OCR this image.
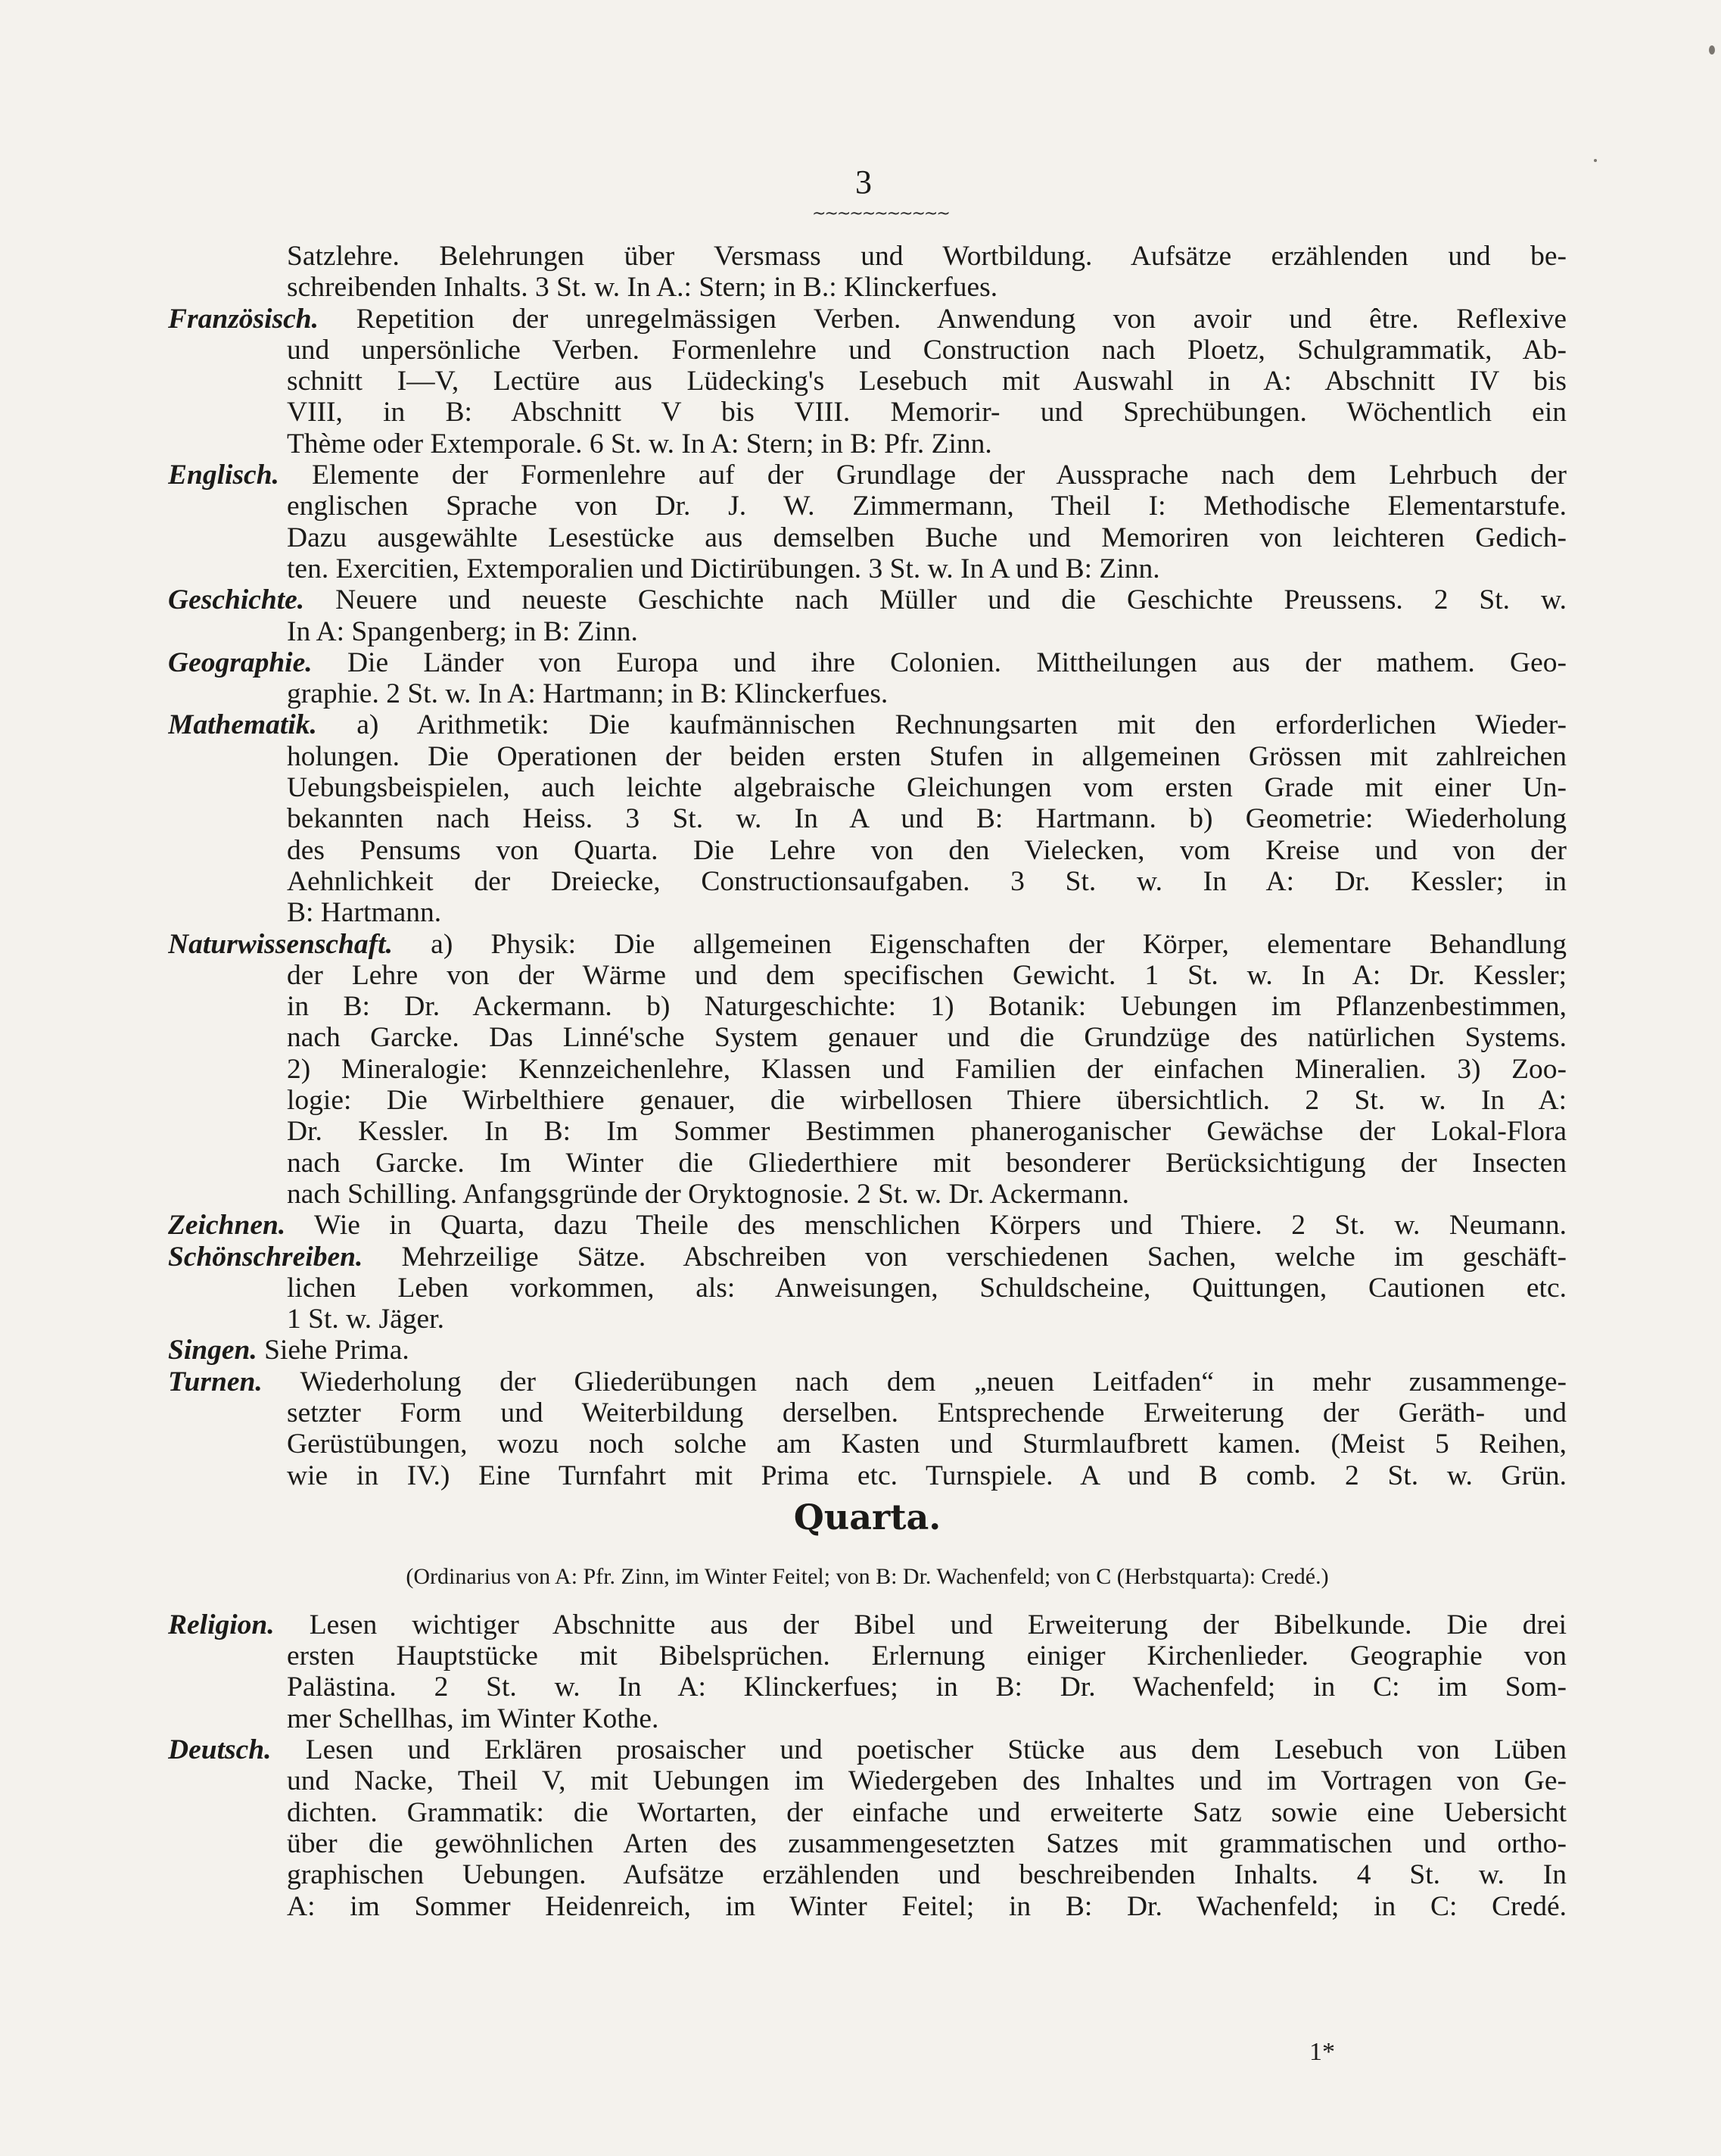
3
~~~~~~~~~~~
Satzlehre. Belehrungen über Versmass und Wortbildung. Aufsätze erzählenden und be-
schreibenden Inhalts. 3 St. w. In A.: Stern; in B.: Klinckerfues.
Französisch. Repetition der unregelmässigen Verben. Anwendung von avoir und être. Reflexive
und unpersönliche Verben. Formenlehre und Construction nach Ploetz, Schulgrammatik, Ab-
schnitt I—V, Lectüre aus Lüdecking's Lesebuch mit Auswahl in A: Abschnitt IV bis
VIII, in B: Abschnitt V bis VIII. Memorir- und Sprechübungen. Wöchentlich ein
Thème oder Extemporale. 6 St. w. In A: Stern; in B: Pfr. Zinn.
Englisch. Elemente der Formenlehre auf der Grundlage der Aussprache nach dem Lehrbuch der
englischen Sprache von Dr. J. W. Zimmermann, Theil I: Methodische Elementarstufe.
Dazu ausgewählte Lesestücke aus demselben Buche und Memoriren von leichteren Gedich-
ten. Exercitien, Extemporalien und Dictirübungen. 3 St. w. In A und B: Zinn.
Geschichte. Neuere und neueste Geschichte nach Müller und die Geschichte Preussens. 2 St. w.
In A: Spangenberg; in B: Zinn.
Geographie. Die Länder von Europa und ihre Colonien. Mittheilungen aus der mathem. Geo-
graphie. 2 St. w. In A: Hartmann; in B: Klinckerfues.
Mathematik. a) Arithmetik: Die kaufmännischen Rechnungsarten mit den erforderlichen Wieder-
holungen. Die Operationen der beiden ersten Stufen in allgemeinen Grössen mit zahlreichen
Uebungsbeispielen, auch leichte algebraische Gleichungen vom ersten Grade mit einer Un-
bekannten nach Heiss. 3 St. w. In A und B: Hartmann. b) Geometrie: Wiederholung
des Pensums von Quarta. Die Lehre von den Vielecken, vom Kreise und von der
Aehnlichkeit der Dreiecke, Constructionsaufgaben. 3 St. w. In A: Dr. Kessler; in
B: Hartmann.
Naturwissenschaft. a) Physik: Die allgemeinen Eigenschaften der Körper, elementare Behandlung
der Lehre von der Wärme und dem specifischen Gewicht. 1 St. w. In A: Dr. Kessler;
in B: Dr. Ackermann. b) Naturgeschichte: 1) Botanik: Uebungen im Pflanzenbestimmen,
nach Garcke. Das Linné'sche System genauer und die Grundzüge des natürlichen Systems.
2) Mineralogie: Kennzeichenlehre, Klassen und Familien der einfachen Mineralien. 3) Zoo-
logie: Die Wirbelthiere genauer, die wirbellosen Thiere übersichtlich. 2 St. w. In A:
Dr. Kessler. In B: Im Sommer Bestimmen phaneroganischer Gewächse der Lokal-Flora
nach Garcke. Im Winter die Gliederthiere mit besonderer Berücksichtigung der Insecten
nach Schilling. Anfangsgründe der Oryktognosie. 2 St. w. Dr. Ackermann.
Zeichnen. Wie in Quarta, dazu Theile des menschlichen Körpers und Thiere. 2 St. w. Neumann.
Schönschreiben. Mehrzeilige Sätze. Abschreiben von verschiedenen Sachen, welche im geschäft-
lichen Leben vorkommen, als: Anweisungen, Schuldscheine, Quittungen, Cautionen etc.
1 St. w. Jäger.
Singen. Siehe Prima.
Turnen. Wiederholung der Gliederübungen nach dem „neuen Leitfaden“ in mehr zusammenge-
setzter Form und Weiterbildung derselben. Entsprechende Erweiterung der Geräth- und
Gerüstübungen, wozu noch solche am Kasten und Sturmlaufbrett kamen. (Meist 5 Reihen,
wie in IV.) Eine Turnfahrt mit Prima etc. Turnspiele. A und B comb. 2 St. w. Grün.
Quarta.
(Ordinarius von A: Pfr. Zinn, im Winter Feitel; von B: Dr. Wachenfeld; von C (Herbstquarta): Credé.)
Religion. Lesen wichtiger Abschnitte aus der Bibel und Erweiterung der Bibelkunde. Die drei
ersten Hauptstücke mit Bibelsprüchen. Erlernung einiger Kirchenlieder. Geographie von
Palästina. 2 St. w. In A: Klinckerfues; in B: Dr. Wachenfeld; in C: im Som-
mer Schellhas, im Winter Kothe.
Deutsch. Lesen und Erklären prosaischer und poetischer Stücke aus dem Lesebuch von Lüben
und Nacke, Theil V, mit Uebungen im Wiedergeben des Inhaltes und im Vortragen von Ge-
dichten. Grammatik: die Wortarten, der einfache und erweiterte Satz sowie eine Uebersicht
über die gewöhnlichen Arten des zusammengesetzten Satzes mit grammatischen und ortho-
graphischen Uebungen. Aufsätze erzählenden und beschreibenden Inhalts. 4 St. w. In
A: im Sommer Heidenreich, im Winter Feitel; in B: Dr. Wachenfeld; in C: Credé.
1*
